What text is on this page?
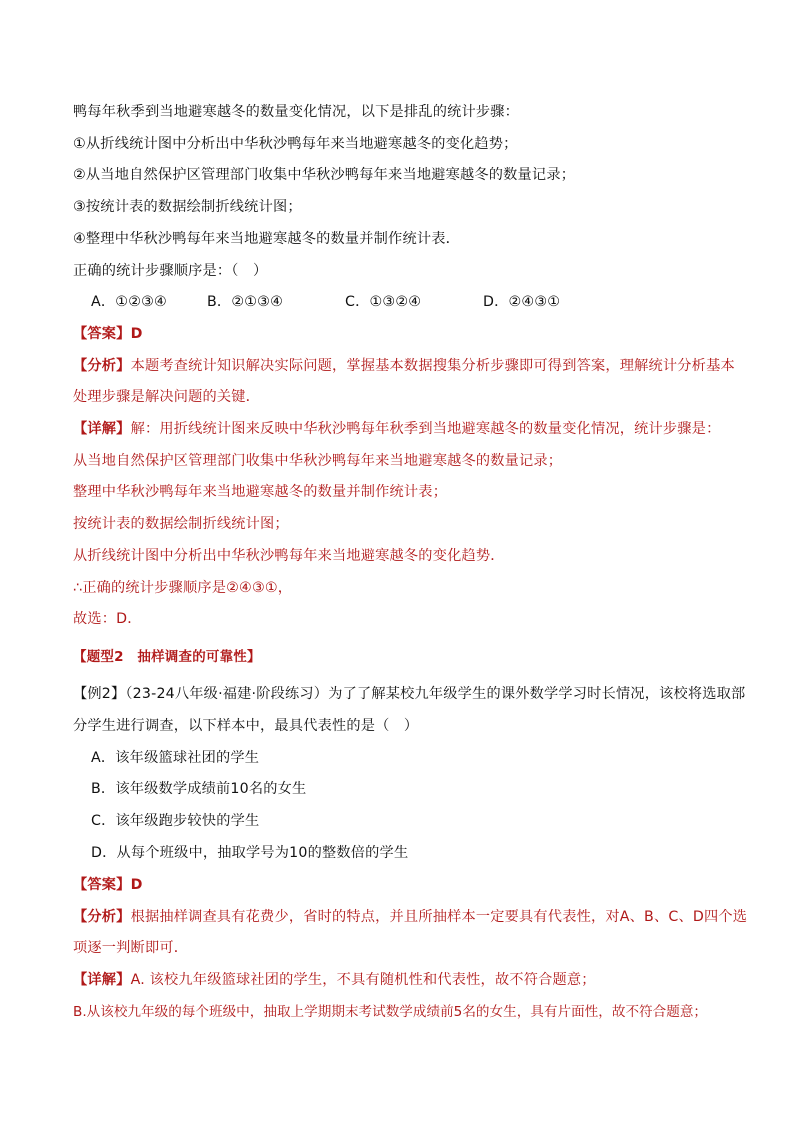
鸭每年秋季到当地避寒越冬的数量变化情况，以下是排乱的统计步骤：
①从折线统计图中分析出中华秋沙鸭每年来当地避寒越冬的变化趋势；
②从当地自然保护区管理部门收集中华秋沙鸭每年来当地避寒越冬的数量记录；
③按统计表的数据绘制折线统计图；
④整理中华秋沙鸭每年来当地避寒越冬的数量并制作统计表．
正确的统计步骤顺序是：（　）
A．①②③④	B．②①③④	C．①③②④	D．②④③①
【答案】D
【分析】本题考查统计知识解决实际问题，掌握基本数据搜集分析步骤即可得到答案，理解统计分析基本
处理步骤是解决问题的关键．
【详解】解：用折线统计图来反映中华秋沙鸭每年秋季到当地避寒越冬的数量变化情况，统计步骤是：
从当地自然保护区管理部门收集中华秋沙鸭每年来当地避寒越冬的数量记录；
整理中华秋沙鸭每年来当地避寒越冬的数量并制作统计表；
按统计表的数据绘制折线统计图；
从折线统计图中分析出中华秋沙鸭每年来当地避寒越冬的变化趋势．
∴正确的统计步骤顺序是②④③①，
故选：D．
【题型2　抽样调查的可靠性】
【例2】（23-24八年级·福建·阶段练习）为了了解某校九年级学生的课外数学学习时长情况，该校将选取部
分学生进行调查，以下样本中，最具代表性的是（　）
A．该年级篮球社团的学生
B．该年级数学成绩前10名的女生
C．该年级跑步较快的学生
D．从每个班级中，抽取学号为10的整数倍的学生
【答案】D
【分析】根据抽样调查具有花费少，省时的特点，并且所抽样本一定要具有代表性，对A、B、C、D四个选
项逐一判断即可．
【详解】A. 该校九年级篮球社团的学生，不具有随机性和代表性，故不符合题意；
B.从该校九年级的每个班级中，抽取上学期期末考试数学成绩前5名的女生，具有片面性，故不符合题意；
